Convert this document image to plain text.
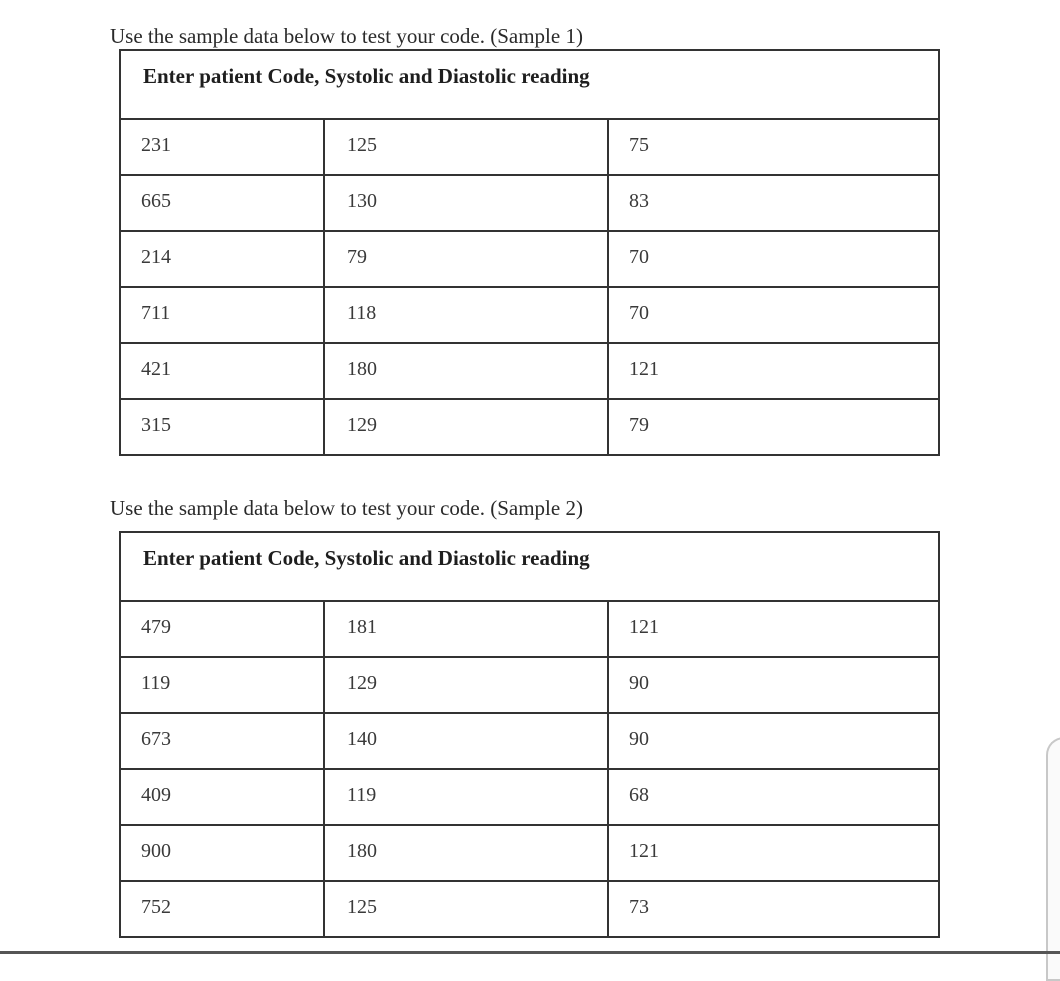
Use the sample data below to test your code. (Sample 1)
Enter patient Code, Systolic and Diastolic reading		

231	125	75

665	130	83

214	79	70

711	118	70

421	180	121

315	129	79
Use the sample data below to test your code. (Sample 2)
Enter patient Code, Systolic and Diastolic reading		

479	181	121

119	129	90

673	140	90

409	119	68

900	180	121

752	125	73
